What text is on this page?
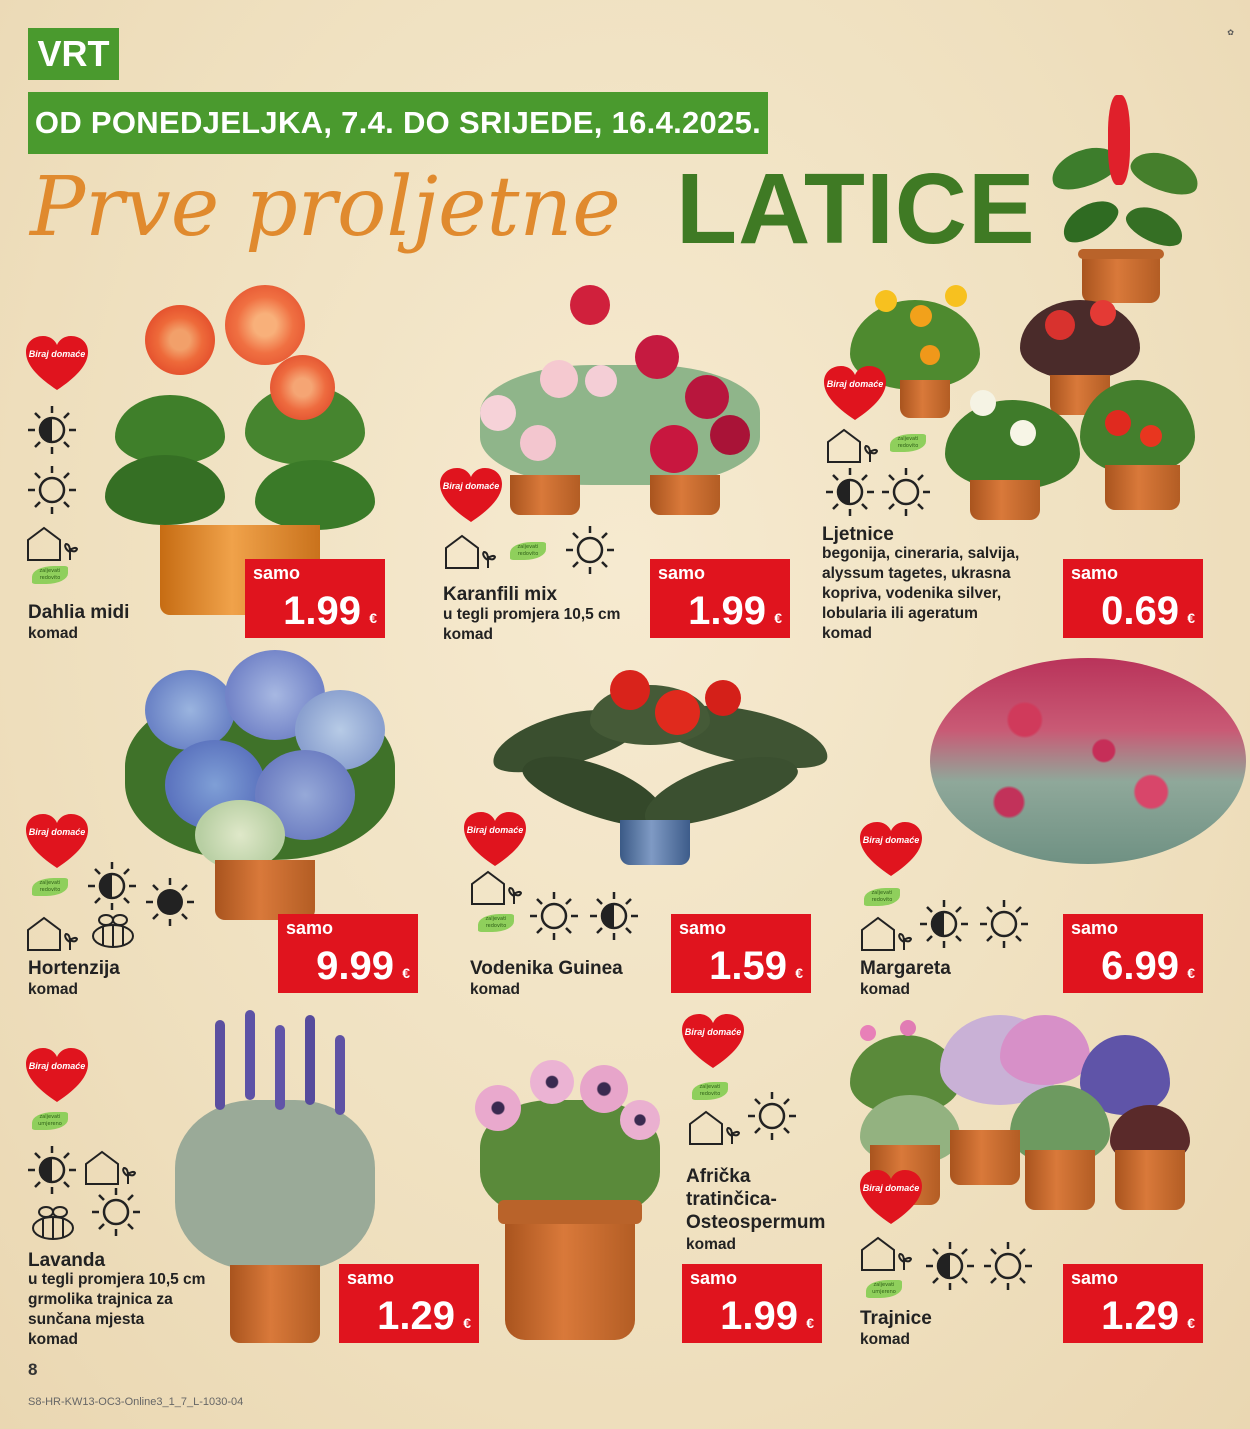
✿
VRT
OD PONEDJELJKA, 7.4. DO SRIJEDE, 16.4.2025.
Prve proljetne LATICE
Biraj domaće
Biraj domaće
Biraj domaće
Biraj domaće	Biraj domaće
Biraj domaće
Biraj domaće
Biraj domaće
Biraj domaće
zaljevati redovito
zaljevati redovito
zaljevati redovito
zaljevati redovito
zaljevati redovito
zaljevati redovito
zaljevati umjereno
zaljevati redovito
zaljevati umjereno
Dahlia midi
komad
Karanfili mix
u tegli promjera 10,5 cm
komad
Ljetnice
begonija, cineraria, salvija,
alyssum tagetes, ukrasna
kopriva, vodenika silver,
lobularia ili ageratum
komad
Hortenzija
komad
Vodenika Guinea
komad
Margareta
komad
Lavanda
u tegli promjera 10,5 cm
grmolika trajnica za
sunčana mjesta
komad
Afrička
tratinčica-
Osteospermum
komad
Trajnice
komad
samo
1.99 €
samo
1.99 €
samo
0.69 €
samo
9.99 €
samo
1.59 €
samo
6.99 €
samo
1.29 €
samo
1.99 €
samo
1.29 €
8
S8-HR-KW13-OC3-Online3_1_7_L-1030-04
